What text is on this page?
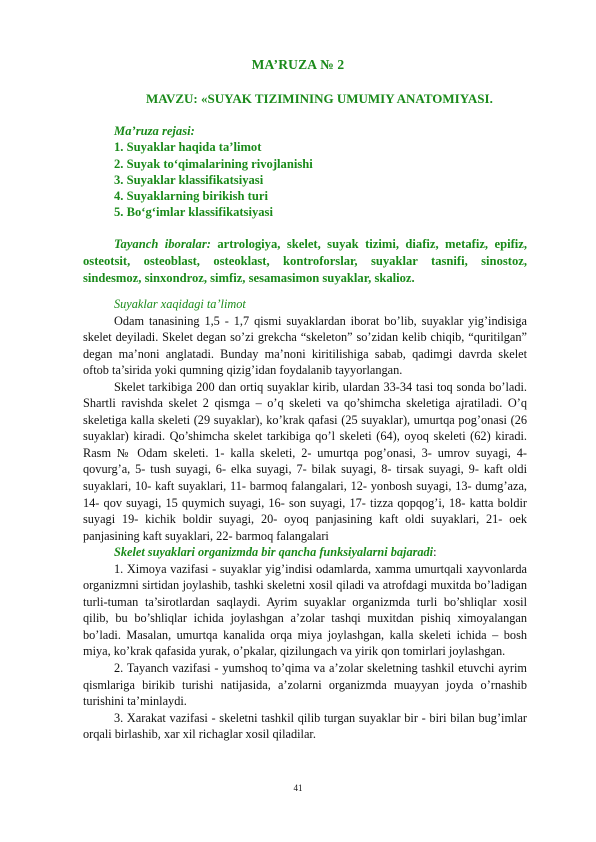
MA’RUZA № 2
MAVZU: «SUYAK TIZIMINING UMUMIY ANATOMIYASI.
Ma’ruza rejasi:
1. Suyaklar haqida ta’limot
2. Suyak to‘qimalarining rivojlanishi
3. Suyaklar klassifikatsiyasi
4. Suyaklarning birikish turi
5. Bo‘g‘imlar klassifikatsiyasi
Tayanch iboralar: artrologiya, skelet, suyak tizimi, diafiz, metafiz, epifiz, osteotsit, osteoblast, osteoklast, kontroforslar, suyaklar tasnifi, sinostoz, sindesmoz, sinxondroz, simfiz, sesamasimon suyaklar, skalioz.

Suyaklar xaqidagi ta’limot

Odam tanasining 1,5 - 1,7 qismi suyaklardan iborat bo’lib, suyaklar yig’indisiga skelet deyiladi. Skelet degan so’zi grekcha “skeleton” so’zidan kelib chiqib, “quritilgan” degan ma’noni anglatadi. Bunday ma’noni kiritilishiga sabab, qadimgi davrda skelet oftob ta’sirida yoki qumning qizig’idan foydalanib tayyorlangan.

Skelet tarkibiga 200 dan ortiq suyaklar kirib, ulardan 33-34 tasi toq sonda bo’ladi. Shartli ravishda skelet 2 qismga – o’q skeleti va qo’shimcha skeletiga ajratiladi. O’q skeletiga kalla skeleti (29 suyaklar), ko’krak qafasi (25 suyaklar), umurtqa pog’onasi (26 suyaklar) kiradi. Qo’shimcha skelet tarkibiga qo’l skeleti (64), oyoq skeleti (62) kiradi. Rasm № Odam skeleti. 1- kalla skeleti, 2- umurtqa pog’onasi, 3- umrov suyagi, 4- qovurg’a, 5- tush suyagi, 6- elka suyagi, 7- bilak suyagi, 8- tirsak suyagi, 9- kaft oldi suyaklari, 10- kaft suyaklari, 11- barmoq falangalari, 12- yonbosh suyagi, 13- dumg’aza, 14- qov suyagi, 15 quymich suyagi, 16- son suyagi, 17- tizza qopqog’i, 18- katta boldir suyagi 19- kichik boldir suyagi, 20- oyoq panjasining kaft oldi suyaklari, 21- oek panjasining kaft suyaklari, 22- barmoq falangalari

Skelet suyaklari organizmda bir qancha funksiyalarni bajaradi:

1. Ximoya vazifasi - suyaklar yig’indisi odamlarda, xamma umurtqali xayvonlarda organizmni sirtidan joylashib, tashki skeletni xosil qiladi va atrofdagi muxitda bo’ladigan turli-tuman ta’sirotlardan saqlaydi. Ayrim suyaklar organizmda turli bo’shliqlar xosil qilib, bu bo’shliqlar ichida joylashgan a’zolar tashqi muxitdan pishiq ximoyalangan bo’ladi. Masalan, umurtqa kanalida orqa miya joylashgan, kalla skeleti ichida – bosh miya, ko’krak qafasida yurak, o’pkalar, qizilungach va yirik qon tomirlari joylashgan.

2. Tayanch vazifasi - yumshoq to’qima va a’zolar skeletning tashkil etuvchi ayrim qismlariga birikib turishi natijasida, a’zolarni organizmda muayyan joyda o’rnashib turishini ta’minlaydi.

3. Xarakat vazifasi - skeletni tashkil qilib turgan suyaklar bir - biri bilan bug’imlar orqali birlashib, xar xil richaglar xosil qiladilar.

41
